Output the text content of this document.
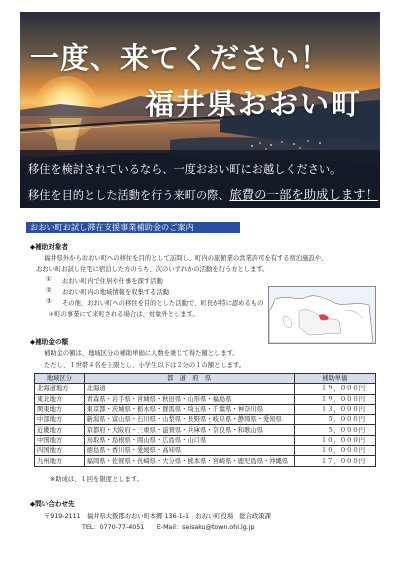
一度、来てください！
福井県おおい町
移住を検討されているなら、一度おおい町にお越しください。
移住を目的とした活動を行う来町の際、旅費の一部を助成します！
おおい町お試し滞在支援事業補助金のご案内
◆補助対象者
福井県外からおおい町への移住を目的として訪問し、町内の旅館業の営業許可を有する宿泊施設や、
おおい町お試し住宅に宿泊した方のうち、次のいずれかの活動を行う方とします。
① おおい町内で住居や仕事を探す活動
② おおい町内の地域情報を収集する活動
③ その他、おおい町への移住を目的とした活動で、町長が特に認めるもの
＊町の事業にて来町される場合は、対象外とします。
◆補助金の額
補助金の額は、地域区分の補助単価に人数を乗じて得た額とします。
ただし、１世帯４名を上限とし、小学生以下は２分の１の額とします。
地域区分	都　道　府　県	補助単価
北海道地方	北海道	１９，０００円
東北地方	青森県・岩手県・宮城県・秋田県・山形県・福島県	１９，０００円
関東地方	東京都・茨城県・栃木県・群馬県・埼玉県・千葉県・神奈川県	１３，０００円
中部地方	新潟県・富山県・石川県・山梨県・長野県・岐阜県・静岡県・愛知県	５，０００円
近畿地方	京都府・大阪府・三重県・滋賀県・兵庫県・奈良県・和歌山県	５，０００円
中国地方	鳥取県・島根県・岡山県・広島県・山口県	１０，０００円
四国地方	徳島県・香川県・愛媛県・高知県	１０，０００円
九州地方	福岡県・佐賀県・長崎県・大分県・熊本県・宮崎県・鹿児島県・沖縄県	１７，０００円
※助成は、１回を限度とします。
◆問い合わせ先
〒919-2111　福井県大飯郡おおい町本郷 136-1-1　おおい町役場　総合政策課
TEL：0770-77-4051　　E-Mail：seisaku@town.ohi.lg.jp
